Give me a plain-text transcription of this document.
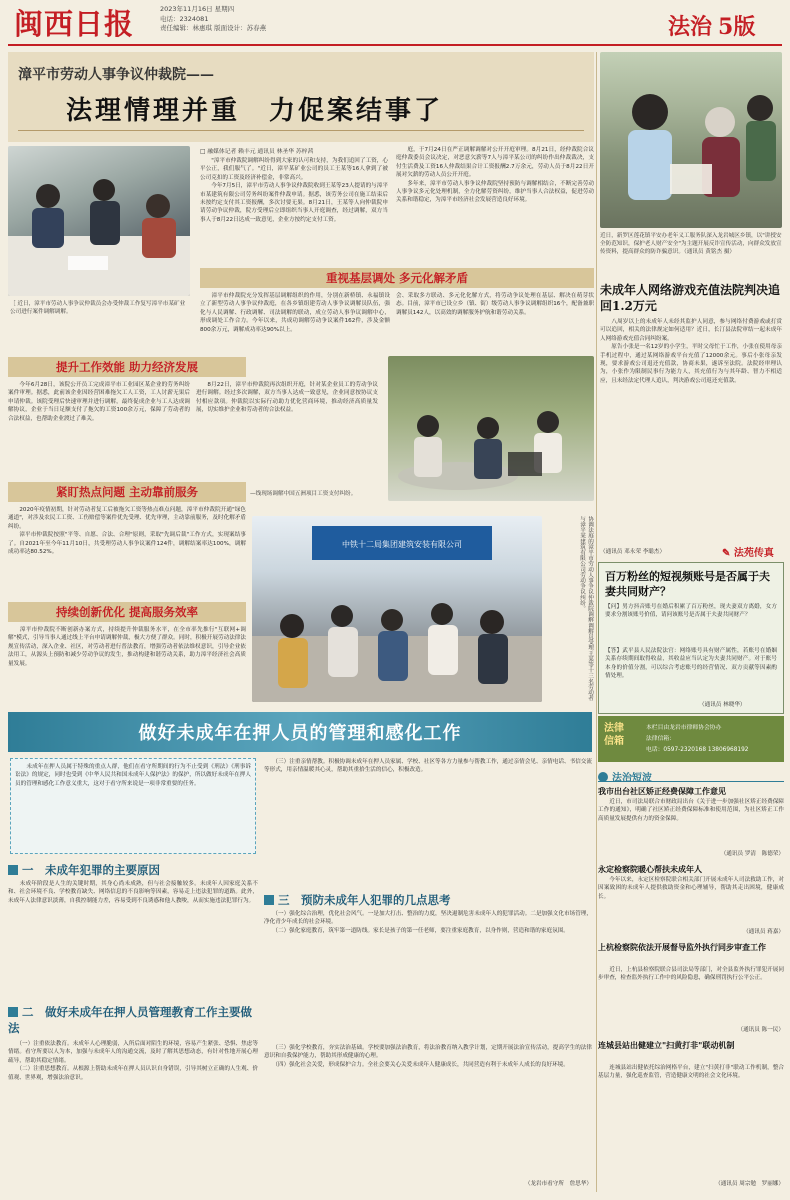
闽西日报	2023年11月16日 星期四
电话：2324081
责任编辑：林惠琪 版面设计：苏春燕	法治 5版
漳平市劳动人事争议仲裁院——
法理情理并重　力促案结事了
［ 近日，漳平市劳动人事争议仲裁员会办受仲裁工作复写漳平市某矿业公司进行案件调解调解。
□ 融媒体记者 赖丰元 通讯员 林圣华 苏梓茜
　　"漳平市仲裁院调解纠纷得到大家的认可和支持，为我们追回了工资，心平公正，我们服气了。"近日，漳平某矿业公司的员工王某等16人拿到了被公司克扣的工资及经济补偿金，非常高兴。
　　今年7月5日，漳平市劳动人事争议仲裁院收到王某等23人提请的与漳平市某建筑有限公司劳务纠纷案件仲裁申请。据悉，该劳务公司在施工结束后未按约定支付其工资报酬，多次讨要无果。8月21日，王某等人向仲裁院申请劳动争议仲裁，院方受理后立即组织当事人开庭调查，经过调解，双方当事人于8月22日达成一致意见，企业方按约定支付工资。
　　庭，于7月24日在严正调解调解对公开开庭审理。8月21日，经仲裁院合议庭仲裁委员会议决定，对恶意欠薪等7人与漳平某公司的纠纷作出仲裁裁决，支付生活费及工资16人仲裁结果合计工资报酬2.7万余元，劳动人员于8月22日开展对欠薪的劳动人员公开开庭。
　　多年来，漳平市劳动人事争议仲裁院坚持预防与调解相结合，不断完善劳动人事争议多元化处理机制，全力化解劳资纠纷，维护当事人合法权益，促进劳动关系和谐稳定，为漳平市经济社会发展营造良好环境。
重视基层调处 多元化解矛盾
　　漳平市仲裁院充分发挥基层调解组织的作用，分别在新桥镇、永福镇设立了新型劳动人事争议仲裁庭，在各乡镇组建劳动人事争议调解员队伍，强化与人民调解、行政调解、司法调解的联动，成立劳动人事争议调解中心，形成调处工作合力。今年以来，共成功调解劳动争议案件162件，涉及金额800余万元，调解成功率达90%以上。
会、采取多方联动、多元化化解方式，将劳动争议处理在基层、解决在萌芽状态。目前，漳平市已设立乡（镇、街）级劳动人事争议调解组织16个，配备兼职调解员142人，以高效的调解服务护航和谐劳动关系。
提升工作效能 助力经济发展
　　今年6月28日，该院公开员工完成漳平市工业园区某企业的劳务纠纷案件审理。据悉，此前该企业因经营困难拖欠工人工资，工人讨薪无果后申请仲裁。该院受理后快速审理并进行调解，最终促成企业与工人达成调解协议，企业于当日足额支付了拖欠的工资100余万元，保障了劳动者的合法权益，也帮助企业渡过了难关。
　　8月22日，漳平市仲裁院再次组织开庭，针对某企业员工的劳动争议进行调解。经过多次调解，双方当事人达成一致意见，企业同意按协议支付相应款项。仲裁院以实际行动助力优化营商环境，推动经济高质量发展，切实维护企业和劳动者的合法权益。
—线现场调解中国五洲项目工资支付纠纷。
紧盯热点问题 主动靠前服务
　　2020年疫情初期，针对劳动者复工后被拖欠工资等热点难点问题，漳平市仲裁院开通"绿色通道"，对涉及农民工工资、工伤赔偿等案件优先受理、优先审理，主动靠前服务，及时化解矛盾纠纷。
　　漳平市仲裁院按照"平等、自愿、合法、合理"原则，采取"先调后裁"工作方式，实现案结事了。自2021年至今年11月10日，共受理劳动人事争议案件124件，调解结案率达100%，调解成功率达80.52%。
持续创新优化 提高服务效率
　　漳平市仲裁院不断创新办案方式，持续提升仲裁服务水平，在全市率先推行"互联网+调解"模式，引导当事人通过线上平台申请调解仲裁，极大方便了群众。同时，积极开展劳动法律法规宣传活动，深入企业、社区，对劳动者进行普法教育，增强劳动者依法维权意识，引导企业依法用工，从源头上预防和减少劳动争议的发生，推动构建和谐劳动关系，助力漳平经济社会高质量发展。
中铁十二局集团建筑安装有限公司	协调法庭的漳平市劳动人事争议仲裁院调解调解员受理王某等十三名劳动者与漳平某建筑有限公司劳动争议纠纷。
近日，新罗区莲花镇平安办老年义工服务队深入龙岩城区乡镇，以"讲授安全防范知识，保护老人财产安全"为主题开展反诈宣传活动，向群众发放宣传资料，提高群众的防诈骗意识。（通讯员 黄铭杰 摄）
未成年人网络游戏充值法院判决追回1.2万元
　　八周岁以上的未成年人未经其监护人同意，参与网络付费游戏或打赏可以追回，相关的法律规定如何适用？近日，长汀县法院审结一起未成年人网络游戏充值合同纠纷案。
　　原告小张是一名12岁的小学生，平时父母忙于工作，小张在使用母亲手机过程中，通过某网络游戏平台充值了12000余元。事后小张母亲发现，要求游戏公司退还充值款，协商未果，遂诉至法院。法院经审理认为，小张作为限制民事行为能力人，其充值行为与其年龄、智力不相适应，且未经法定代理人追认，判决游戏公司返还充值款。
（通讯员 邓永荣 李聪杰）	✎ 法苑传真
百万粉丝的短视频账号是否属于夫妻共同财产？
【问】男方抖音账号在婚后积累了百万粉丝，现夫妻双方离婚，女方要求分割该账号价值，请问该账号是否属于夫妻共同财产？
【答】武平县人民法院法官：网络账号具有财产属性，若账号在婚姻关系存续期间取得收益，其收益应当认定为夫妻共同财产。对于账号本身的价值分割，可以综合考虑账号的经营情况、双方贡献等因素酌情处理。
（通讯员 林晓华）
法律
信箱
本栏目由龙岩市律师协会协办
法律信箱：
电话：0597-2320168 13806968192
做好未成年在押人员的管理和感化工作
　　未成年在押人员属于特殊的重点人群，他们在看守所期间的行为不止受到《刑法》《刑事诉讼法》的规定，同时也受到《中华人民共和国未成年人保护法》的保护，所以做好未成年在押人员的管理和感化工作意义重大，这对于看守所来说是一项非常重要的任务。
一　未成年犯罪的主要原因
　　未成年阶段是人生的关键时期，其身心尚未成熟，但与社会接触较多。未成年人因家庭关系不和、社会环境不良、学校教育缺失、网络信息的不良影响等因素，容易走上违法犯罪的道路。此外，未成年人法律意识淡薄，自我控制能力差，容易受到不良诱惑和他人教唆，从而实施违法犯罪行为。
二　做好未成年在押人员管理教育工作主要做法
　　（一）注重依法教育。未成年人心理脆弱，入所后面对陌生的环境，容易产生紧张、恐惧、焦虑等情绪。看守所要以人为本，加强与未成年人的沟通交流，及时了解其思想动态，有针对性地开展心理疏导，帮助其稳定情绪。
　　（二）注重思想教育。从根源上帮助未成年在押人员认识自身错误，引导其树立正确的人生观、价值观、世界观，增强法治意识。
　　（三）注重亲情帮教。积极协调未成年在押人员家属、学校、社区等各方力量参与帮教工作，通过亲情会见、亲情电话、书信交流等形式，用亲情温暖其心灵，帮助其重拾生活的信心，积极改造。
三　预防未成年人犯罪的几点思考
　　（一）强化综合治理，优化社会风气。一是加大打击、整治的力度，坚决遏制危害未成年人的犯罪活动。二是加强文化市场管理，净化青少年成长的社会环境。
　　（二）强化家庭教育，筑牢第一道防线。家长是孩子的第一任老师，要注重家庭教育，以身作则，营造和谐的家庭氛围。
　　（三）强化学校教育，夯实法治基础。学校要加强法治教育，将法治教育纳入教学计划，定期开展法治宣传活动，提高学生的法律意识和自我保护能力，帮助其形成健康的心理。
　　（四）强化社会关爱，形成保护合力。全社会要关心关爱未成年人健康成长，共同营造有利于未成年人成长的良好环境。
（龙岩市看守所　詹思华）
法治短波
我市出台社区矫正经费保障工作意见
　　近日，市司法局联合市财政局出台《关于进一步加强社区矫正经费保障工作的通知》，明确了社区矫正经费保障标准和使用范围，为社区矫正工作高质量发展提供有力的资金保障。
（通讯员 罗清　陈德荣）
永定检察院暖心帮扶未成年人
　　今年以来，永定区检察院联合相关部门开展未成年人司法救助工作，对因案致困的未成年人提供救助资金和心理辅导，帮助其走出困境，健康成长。
（通讯员 蒋嘉）
上杭检察院依法开展督导监外执行同步审查工作
　　近日，上杭县检察院联合县司法局等部门，对全县监外执行罪犯开展同步审查，检查监外执行工作中的风险隐患，确保刑罚执行公平公正。
（通讯员 陈一民）
连城县站出健建立"扫黄打非"联动机制
　　连城县站出健依托综治网格平台，建立"扫黄打非"联动工作机制，整合基层力量，强化巡查监管，营造健康文明的社会文化环境。
（通讯员 周宗勉　罗丽娜）
